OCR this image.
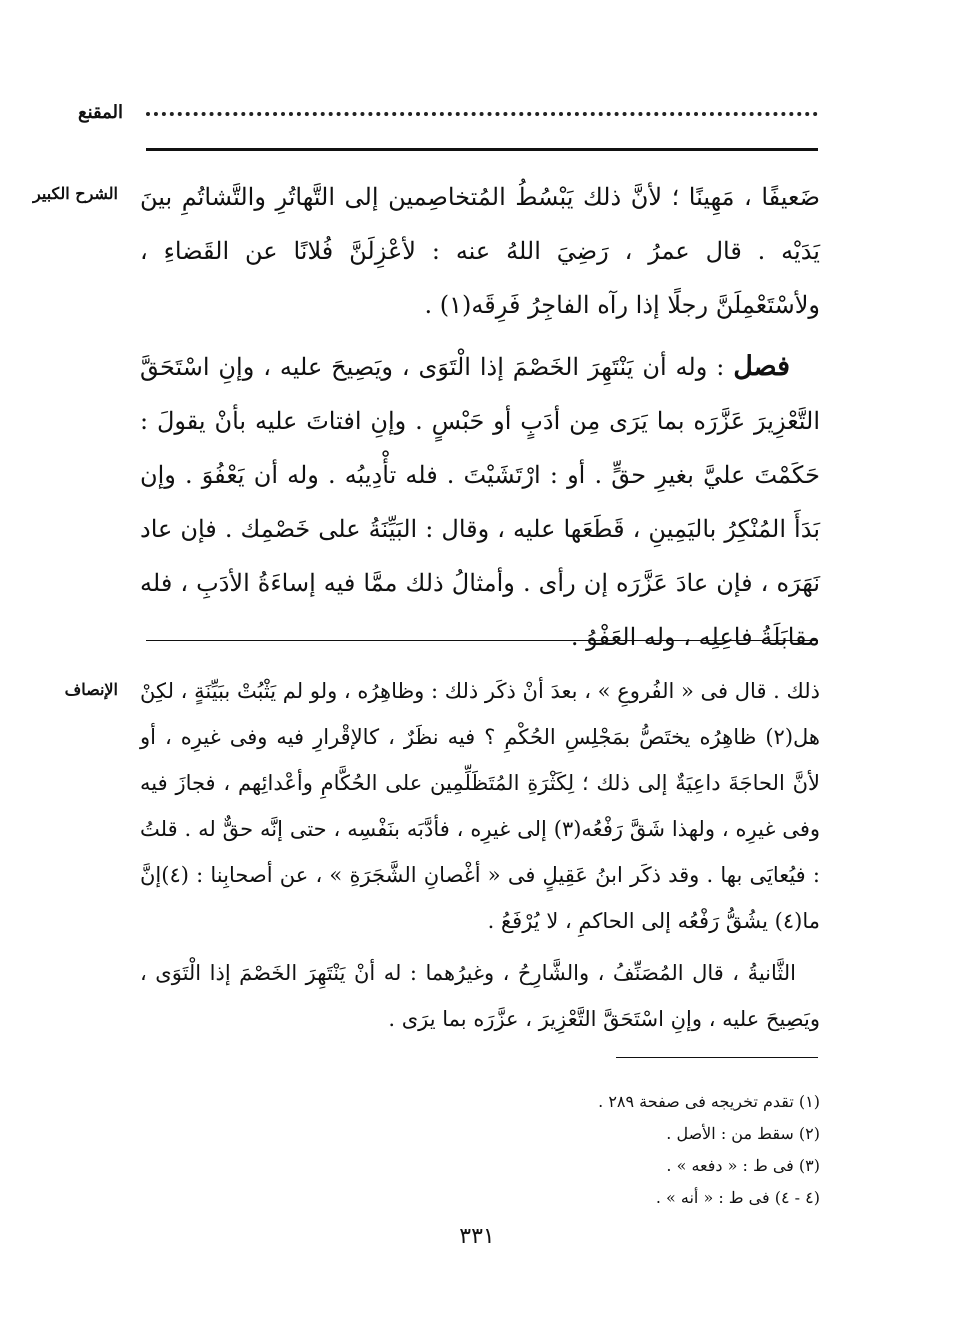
المقنع
الشرح الكبير ضَعيفًا ، مَهِينًا ؛ لأنَّ ذلك يَبْسُطُ المُتخاصِمين إلى التَّهاتُرِ والتَّشاتُمِ بينَ يَدَيْه . قال عمرُ ، رَضِيَ اللهُ عنه : لأعْزِلَنَّ فُلانًا عن القَضاءِ ، ولأسْتَعْمِلَنَّ رجلًا إذا رآه الفاجِرُ فَرِقَه(١) .

فصل : وله أن يَنْتَهِرَ الخَصْمَ إذا الْتَوَى ، ويَصِيحَ عليه ، وإنِ اسْتَحَقَّ التَّعْزِيرَ عَزَّرَه بما يَرَى مِن أدَبٍ أو حَبْسٍ . وإنِ افتاتَ عليه بأنْ يقولَ : حَكَمْتَ عليَّ بغيرِ حقٍّ . أو : ارْتَشَيْتَ . فله تأْدِيبُه . وله أن يَعْفُوَ . وإن بَدَأَ المُنْكِرُ باليَمِينِ ، قَطَعَها عليه ، وقال : البَيِّنَةُ على خَصْمِك . فإن عاد نَهَرَه ، فإن عادَ عَزَّرَه إن رأى . وأمثالُ ذلك ممَّا فيه إساءَةُ الأدَبِ ، فله مقابَلَةُ فاعِلِه ، وله العَفْوُ .

الإنصاف ذلك . قال فى « الفُروعِ » ، بعدَ أنْ ذكَر ذلك : وظاهِرُه ، ولو لم يَثْبُتْ ببَيِّنَةٍ ، لكِنْ هل(٢) ظاهِرُه يختَصُّ بمَجْلِسِ الحُكْمِ ؟ فيه نظَرٌ ، كالإقْرارِ فيه وفى غيرِه ، أو لأنَّ الحاجَةَ داعِيَةٌ إلى ذلك ؛ لِكَثْرَةِ المُتَظَلِّمِين على الحُكَّامِ وأعْدائِهم ، فجازَ فيه وفى غيرِه ، ولهذا شَقَّ رَفْعُه(٣) إلى غيرِه ، فأدَّبَه بنَفْسِه ، حتى إنَّه حقٌّ له . قلتُ : فيُعايَى بها . وقد ذكَر ابنُ عَقِيلٍ فى « أغْصانِ الشَّجَرَةِ » ، عن أصحابِنا : (٤)إنَّ ما(٤) يشُقُّ رَفْعُه إلى الحاكمِ ، لا يُرْفَعُ .

الثَّانيةُ ، قال المُصَنِّفُ ، والشَّارِحُ ، وغيرُهما : له أنْ يَنْتَهِرَ الخَصْمَ إذا الْتَوَى ، ويَصِيحَ عليه ، وإنِ اسْتَحَقَّ التَّعْزِيرَ ، عزَّرَه بما يرَى .

(١) تقدم تخريجه فى صفحة ٢٨٩ .
(٢) سقط من : الأصل .
(٣) فى ط : « دفعه » .
(٤ - ٤) فى ط : « أنه » .
٣٣١
